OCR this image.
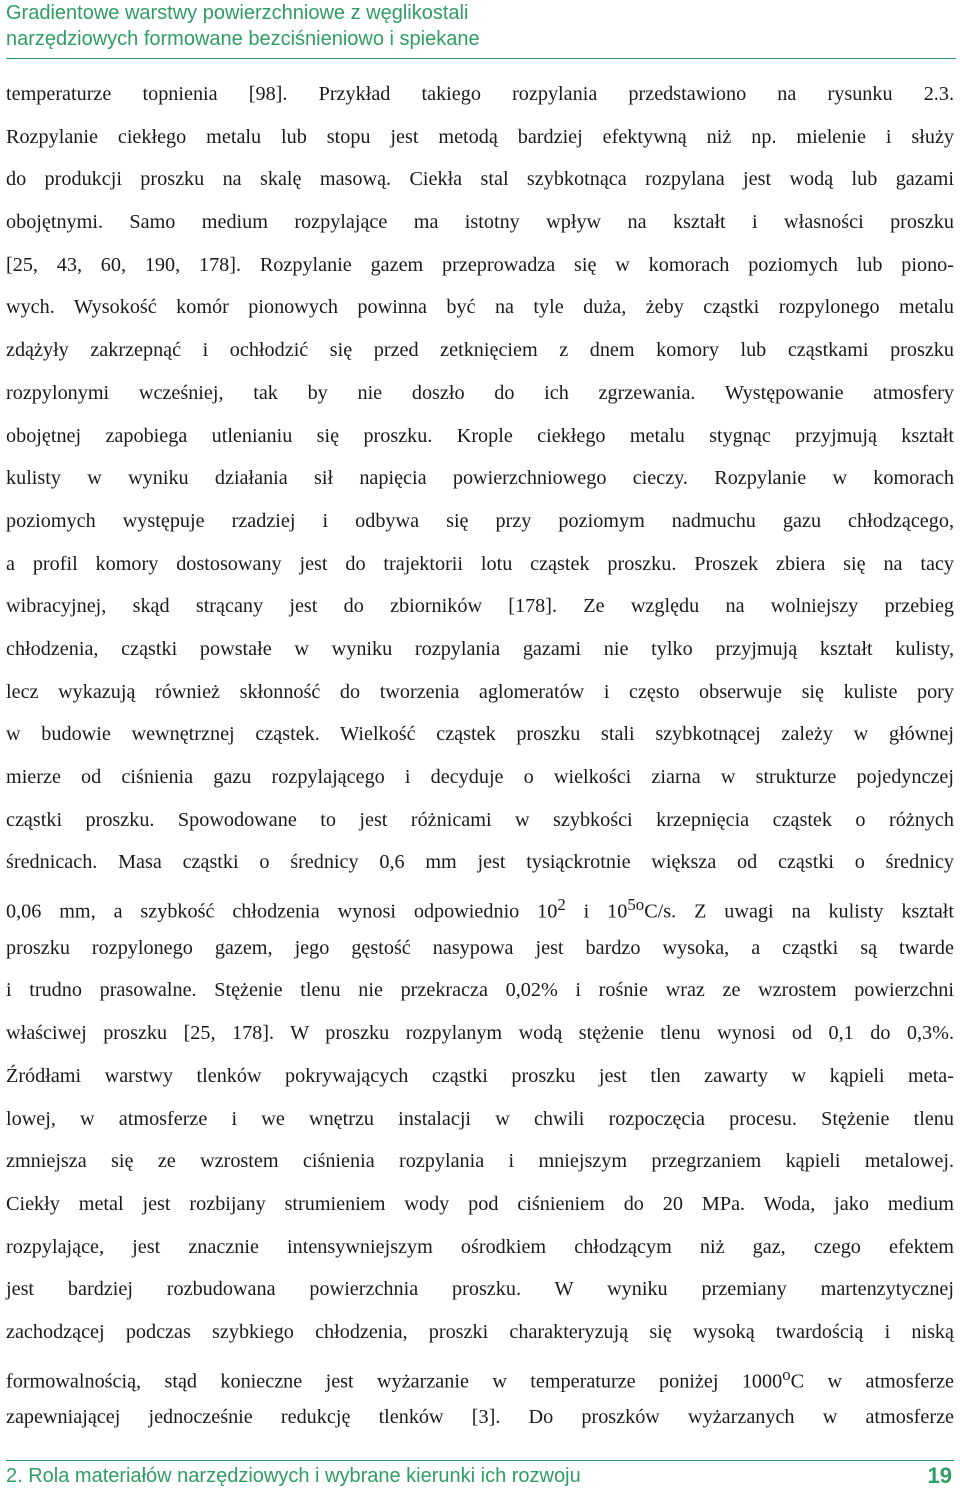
Gradientowe warstwy powierzchniowe z węglikostali
narzędziowych formowane bezciśnieniowo i spiekane
temperaturze topnienia [98]. Przykład takiego rozpylania przedstawiono na rysunku 2.3.
Rozpylanie ciekłego metalu lub stopu jest metodą bardziej efektywną niż np. mielenie i służy
do produkcji proszku na skalę masową. Ciekła stal szybkotnąca rozpylana jest wodą lub gazami
obojętnymi. Samo medium rozpylające ma istotny wpływ na kształt i własności proszku
[25, 43, 60, 190, 178]. Rozpylanie gazem przeprowadza się w komorach poziomych lub piono-
wych. Wysokość komór pionowych powinna być na tyle duża, żeby cząstki rozpylonego metalu
zdążyły zakrzepnąć i ochłodzić się przed zetknięciem z dnem komory lub cząstkami proszku
rozpylonymi wcześniej, tak by nie doszło do ich zgrzewania. Występowanie atmosfery
obojętnej zapobiega utlenianiu się proszku. Krople ciekłego metalu stygnąc przyjmują kształt
kulisty w wyniku działania sił napięcia powierzchniowego cieczy. Rozpylanie w komorach
poziomych występuje rzadziej i odbywa się przy poziomym nadmuchu gazu chłodzącego,
a profil komory dostosowany jest do trajektorii lotu cząstek proszku. Proszek zbiera się na tacy
wibracyjnej, skąd strącany jest do zbiorników [178]. Ze względu na wolniejszy przebieg
chłodzenia, cząstki powstałe w wyniku rozpylania gazami nie tylko przyjmują kształt kulisty,
lecz wykazują również skłonność do tworzenia aglomeratów i często obserwuje się kuliste pory
w budowie wewnętrznej cząstek. Wielkość cząstek proszku stali szybkotnącej zależy w głównej
mierze od ciśnienia gazu rozpylającego i decyduje o wielkości ziarna w strukturze pojedynczej
cząstki proszku. Spowodowane to jest różnicami w szybkości krzepnięcia cząstek o różnych
średnicach. Masa cząstki o średnicy 0,6 mm jest tysiąckrotnie większa od cząstki o średnicy
0,06 mm, a szybkość chłodzenia wynosi odpowiednio $10^2$ i $10^{5o}C/s$. Z uwagi na kulisty kształt
proszku rozpylonego gazem, jego gęstość nasypowa jest bardzo wysoka, a cząstki są twarde
i trudno prasowalne. Stężenie tlenu nie przekracza 0,02% i rośnie wraz ze wzrostem powierzchni
właściwej proszku [25, 178]. W proszku rozpylanym wodą stężenie tlenu wynosi od 0,1 do 0,3%.
Źródłami warstwy tlenków pokrywających cząstki proszku jest tlen zawarty w kąpieli meta-
lowej, w atmosferze i we wnętrzu instalacji w chwili rozpoczęcia procesu. Stężenie tlenu
zmniejsza się ze wzrostem ciśnienia rozpylania i mniejszym przegrzaniem kąpieli metalowej.
Ciekły metal jest rozbijany strumieniem wody pod ciśnieniem do 20 MPa. Woda, jako medium
rozpylające, jest znacznie intensywniejszym ośrodkiem chłodzącym niż gaz, czego efektem
jest bardziej rozbudowana powierzchnia proszku. W wyniku przemiany martenzytycznej
zachodzącej podczas szybkiego chłodzenia, proszki charakteryzują się wysoką twardością i niską
formowalnością, stąd konieczne jest wyżarzanie w temperaturze poniżej 1000$^o$C w atmosferze
zapewniającej jednocześnie redukcję tlenków [3]. Do proszków wyżarzanych w atmosferze
2. Rola materiałów narzędziowych i wybrane kierunki ich rozwoju	19
